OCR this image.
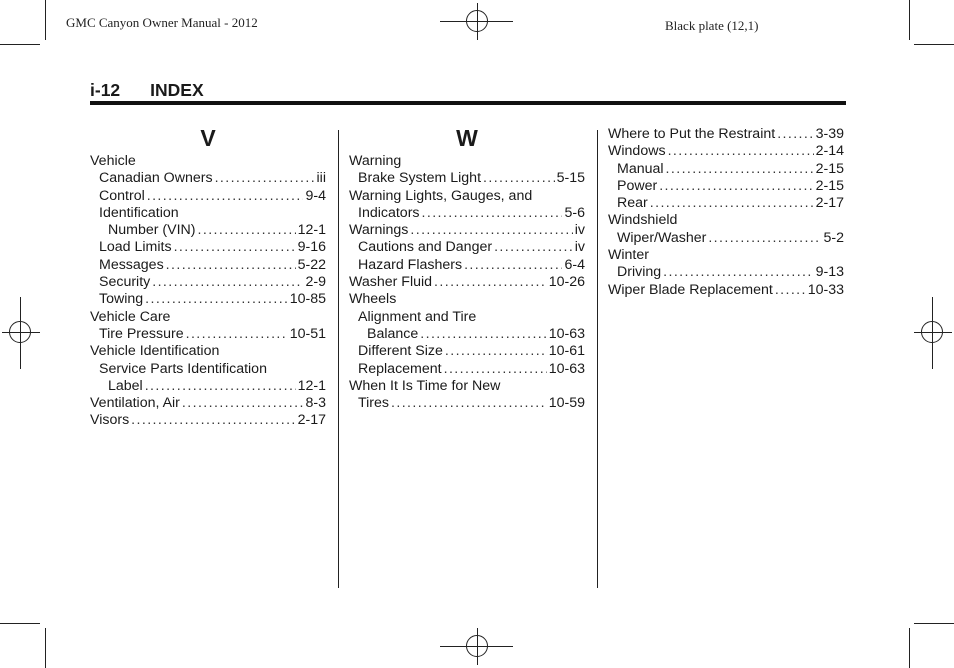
GMC Canyon Owner Manual - 2012	Black plate (12,1)
i-12 INDEX
V
Vehicle
Canadian Owners .....	iii
Control .....	9-4
Identification
Number (VIN) .....	12-1
Load Limits .....	9-16
Messages .....	5-22
Security .....	2-9
Towing .....	10-85
Vehicle Care
Tire Pressure .....	10-51
Vehicle Identification
Service Parts Identification
Label .....	12-1
Ventilation, Air .....	8-3
Visors .....	2-17
W
Warning
Brake System Light .....	5-15
Warning Lights, Gauges, and
Indicators .....	5-6
Warnings .....	iv
Cautions and Danger .....	iv
Hazard Flashers .....	6-4
Washer Fluid .....	10-26
Wheels
Alignment and Tire
Balance .....	10-63
Different Size .....	10-61
Replacement .....	10-63
When It Is Time for New
Tires .....	10-59
Where to Put the Restraint .....	3-39
Windows .....	2-14
Manual .....	2-15
Power .....	2-15
Rear .....	2-17
Windshield
Wiper/Washer .....	5-2
Winter
Driving .....	9-13
Wiper Blade Replacement ..... 10-33
